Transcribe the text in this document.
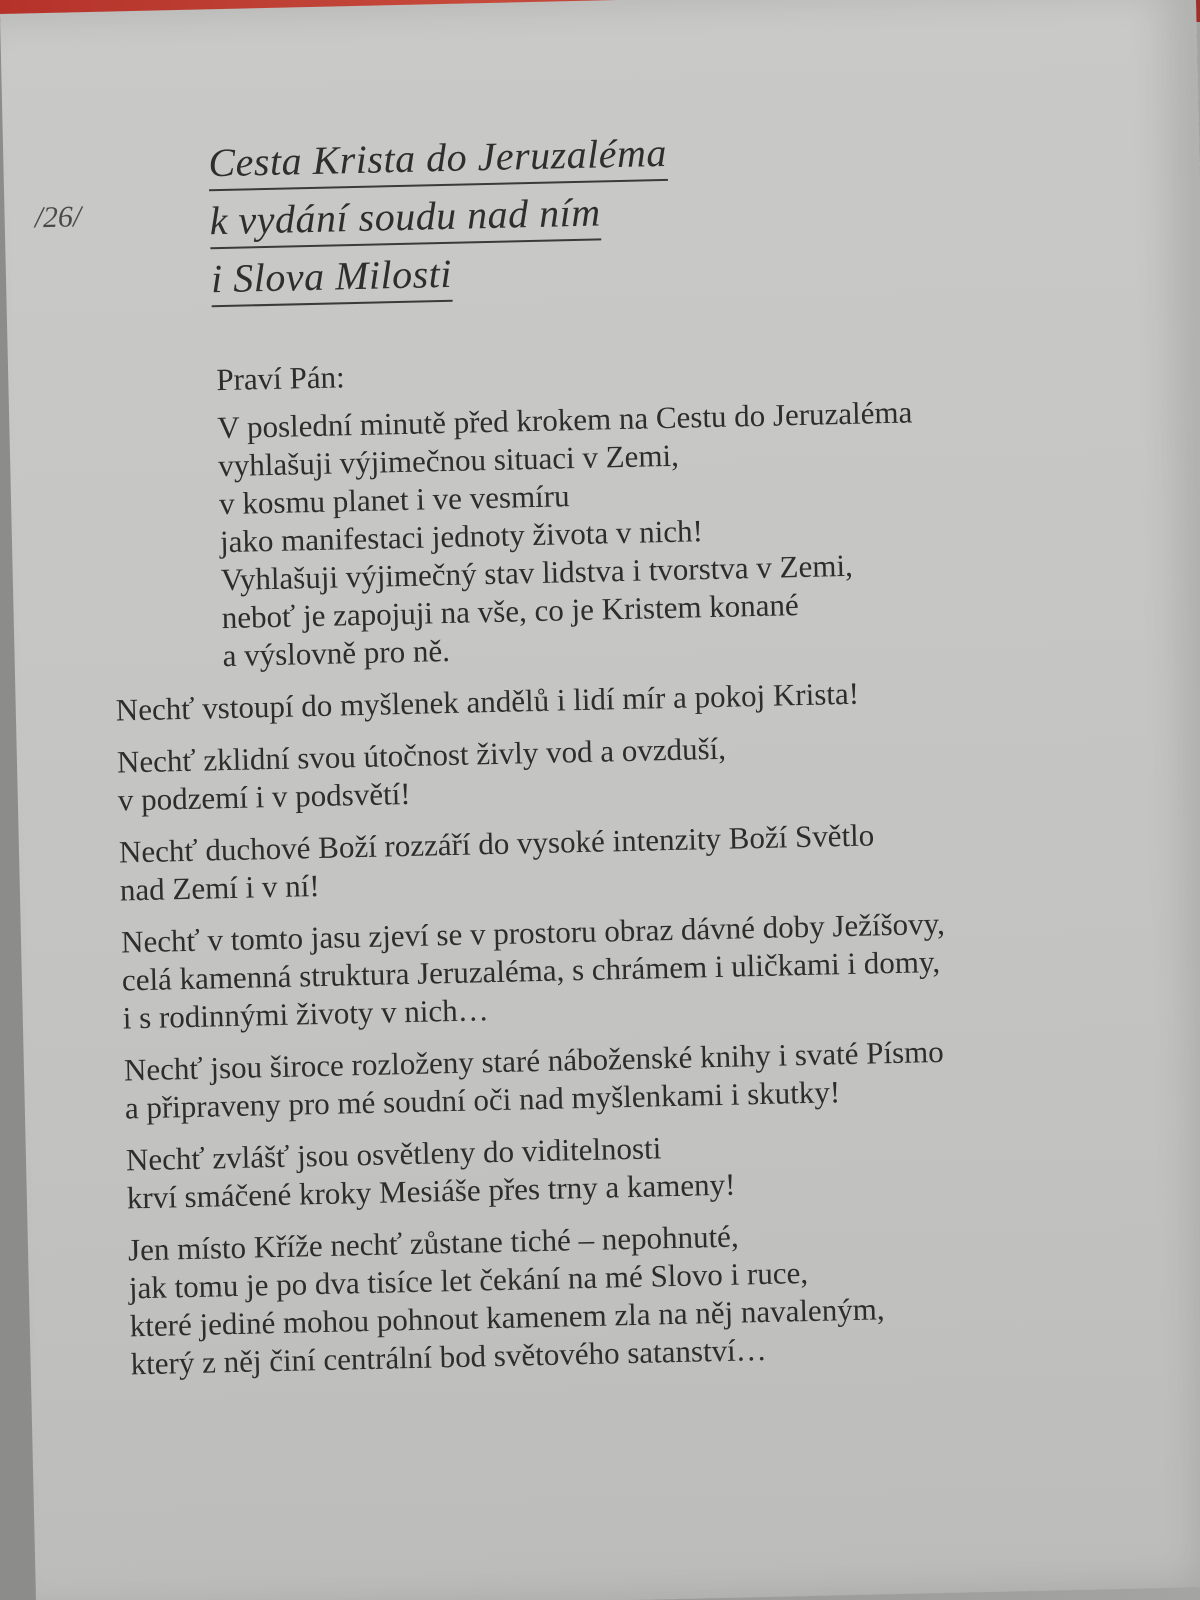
/26/
Cesta Krista do Jeruzaléma
k vydání soudu nad ním
i Slova Milosti
Praví Pán:
V poslední minutě před krokem na Cestu do Jeruzaléma
vyhlašuji výjimečnou situaci v Zemi,
v kosmu planet i ve vesmíru
jako manifestaci jednoty života v nich!
Vyhlašuji výjimečný stav lidstva i tvorstva v Zemi,
neboť je zapojuji na vše, co je Kristem konané
a výslovně pro ně.
Nechť vstoupí do myšlenek andělů i lidí mír a pokoj Krista!
Nechť zklidní svou útočnost živly vod a ovzduší,
v podzemí i v podsvětí!
Nechť duchové Boží rozzáří do vysoké intenzity Boží Světlo
nad Zemí i v ní!
Nechť v tomto jasu zjeví se v prostoru obraz dávné doby Ježíšovy,
celá kamenná struktura Jeruzaléma, s chrámem i uličkami i domy,
i s rodinnými životy v nich…
Nechť jsou široce rozloženy staré náboženské knihy i svaté Písmo
a připraveny pro mé soudní oči nad myšlenkami i skutky!
Nechť zvlášť jsou osvětleny do viditelnosti
krví smáčené kroky Mesiáše přes trny a kameny!
Jen místo Kříže nechť zůstane tiché – nepohnuté,
jak tomu je po dva tisíce let čekání na mé Slovo i ruce,
které jediné mohou pohnout kamenem zla na něj navaleným,
který z něj činí centrální bod světového satanství…
